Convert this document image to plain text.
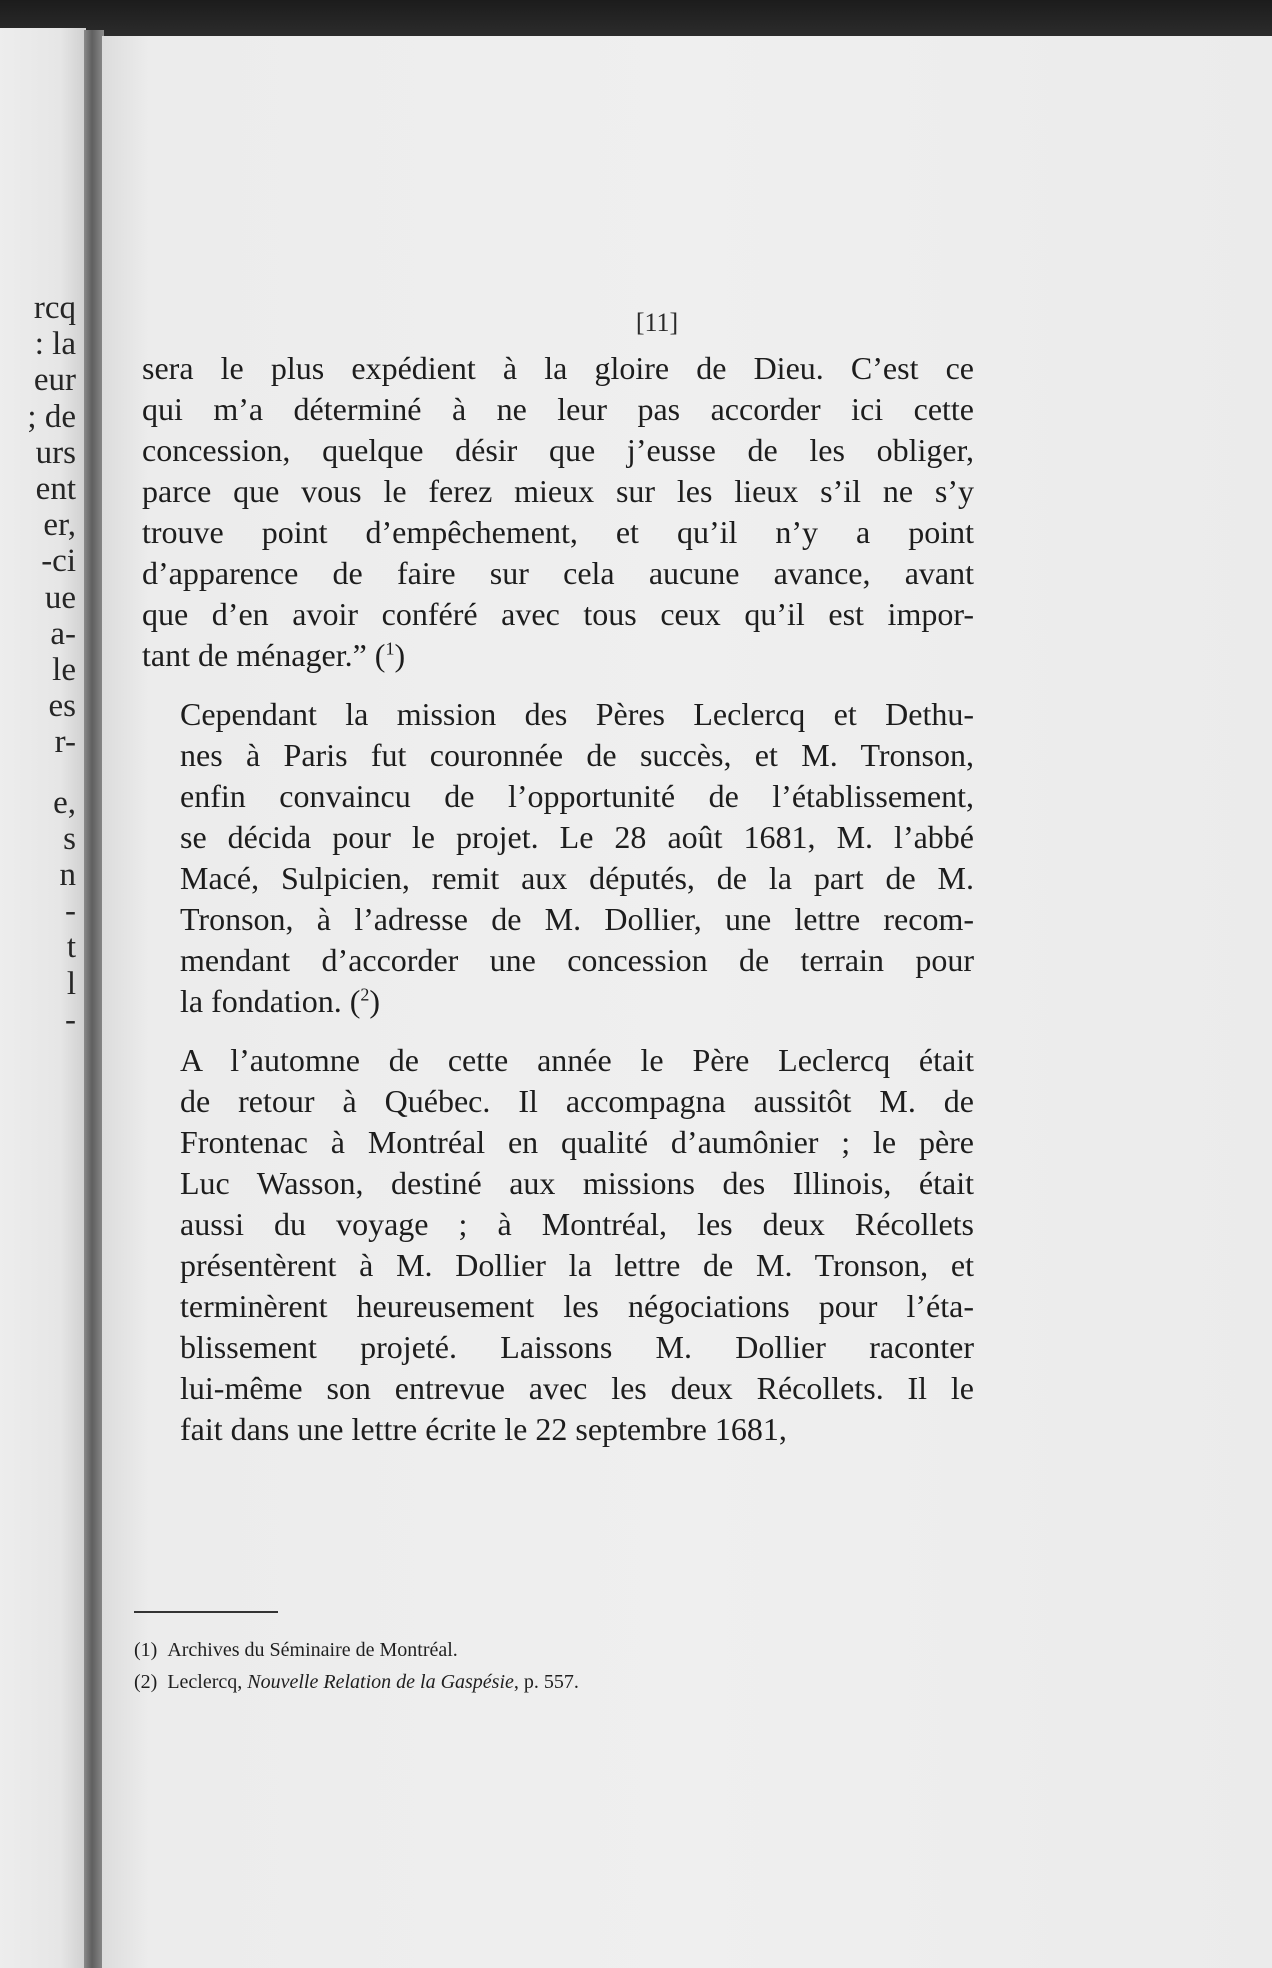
rcq
: la
eur
; de
urs
ent
er,
-ci
ue
a-
le
es
r-
e,
s
n
-
t
l
-
[11]

sera le plus expédient à la gloire de Dieu. C’est ce
qui m’a déterminé à ne leur pas accorder ici cette
concession, quelque désir que j’eusse de les obliger,
parce que vous le ferez mieux sur les lieux s’il ne s’y
trouve point d’empêchement, et qu’il n’y a point
d’apparence de faire sur cela aucune avance, avant
que d’en avoir conféré avec tous ceux qu’il est impor-
tant de ménager.” ($^1$)

Cependant la mission des Pères Leclercq et Dethu-
nes à Paris fut couronnée de succès, et M. Tronson,
enfin convaincu de l’opportunité de l’établissement,
se décida pour le projet. Le 28 août 1681, M. l’abbé
Macé, Sulpicien, remit aux députés, de la part de M.
Tronson, à l’adresse de M. Dollier, une lettre recom-
mendant d’accorder une concession de terrain pour
la fondation. ($^2$)

A l’automne de cette année le Père Leclercq était
de retour à Québec. Il accompagna aussitôt M. de
Frontenac à Montréal en qualité d’aumônier ; le père
Luc Wasson, destiné aux missions des Illinois, était
aussi du voyage ; à Montréal, les deux Récollets
présentèrent à M. Dollier la lettre de M. Tronson, et
terminèrent heureusement les négociations pour l’éta-
blissement projeté. Laissons M. Dollier raconter
lui-même son entrevue avec les deux Récollets. Il le
fait dans une lettre écrite le 22 septembre 1681,

(1) Archives du Séminaire de Montréal.
(2) Leclercq, Nouvelle Relation de la Gaspésie, p. 557.
